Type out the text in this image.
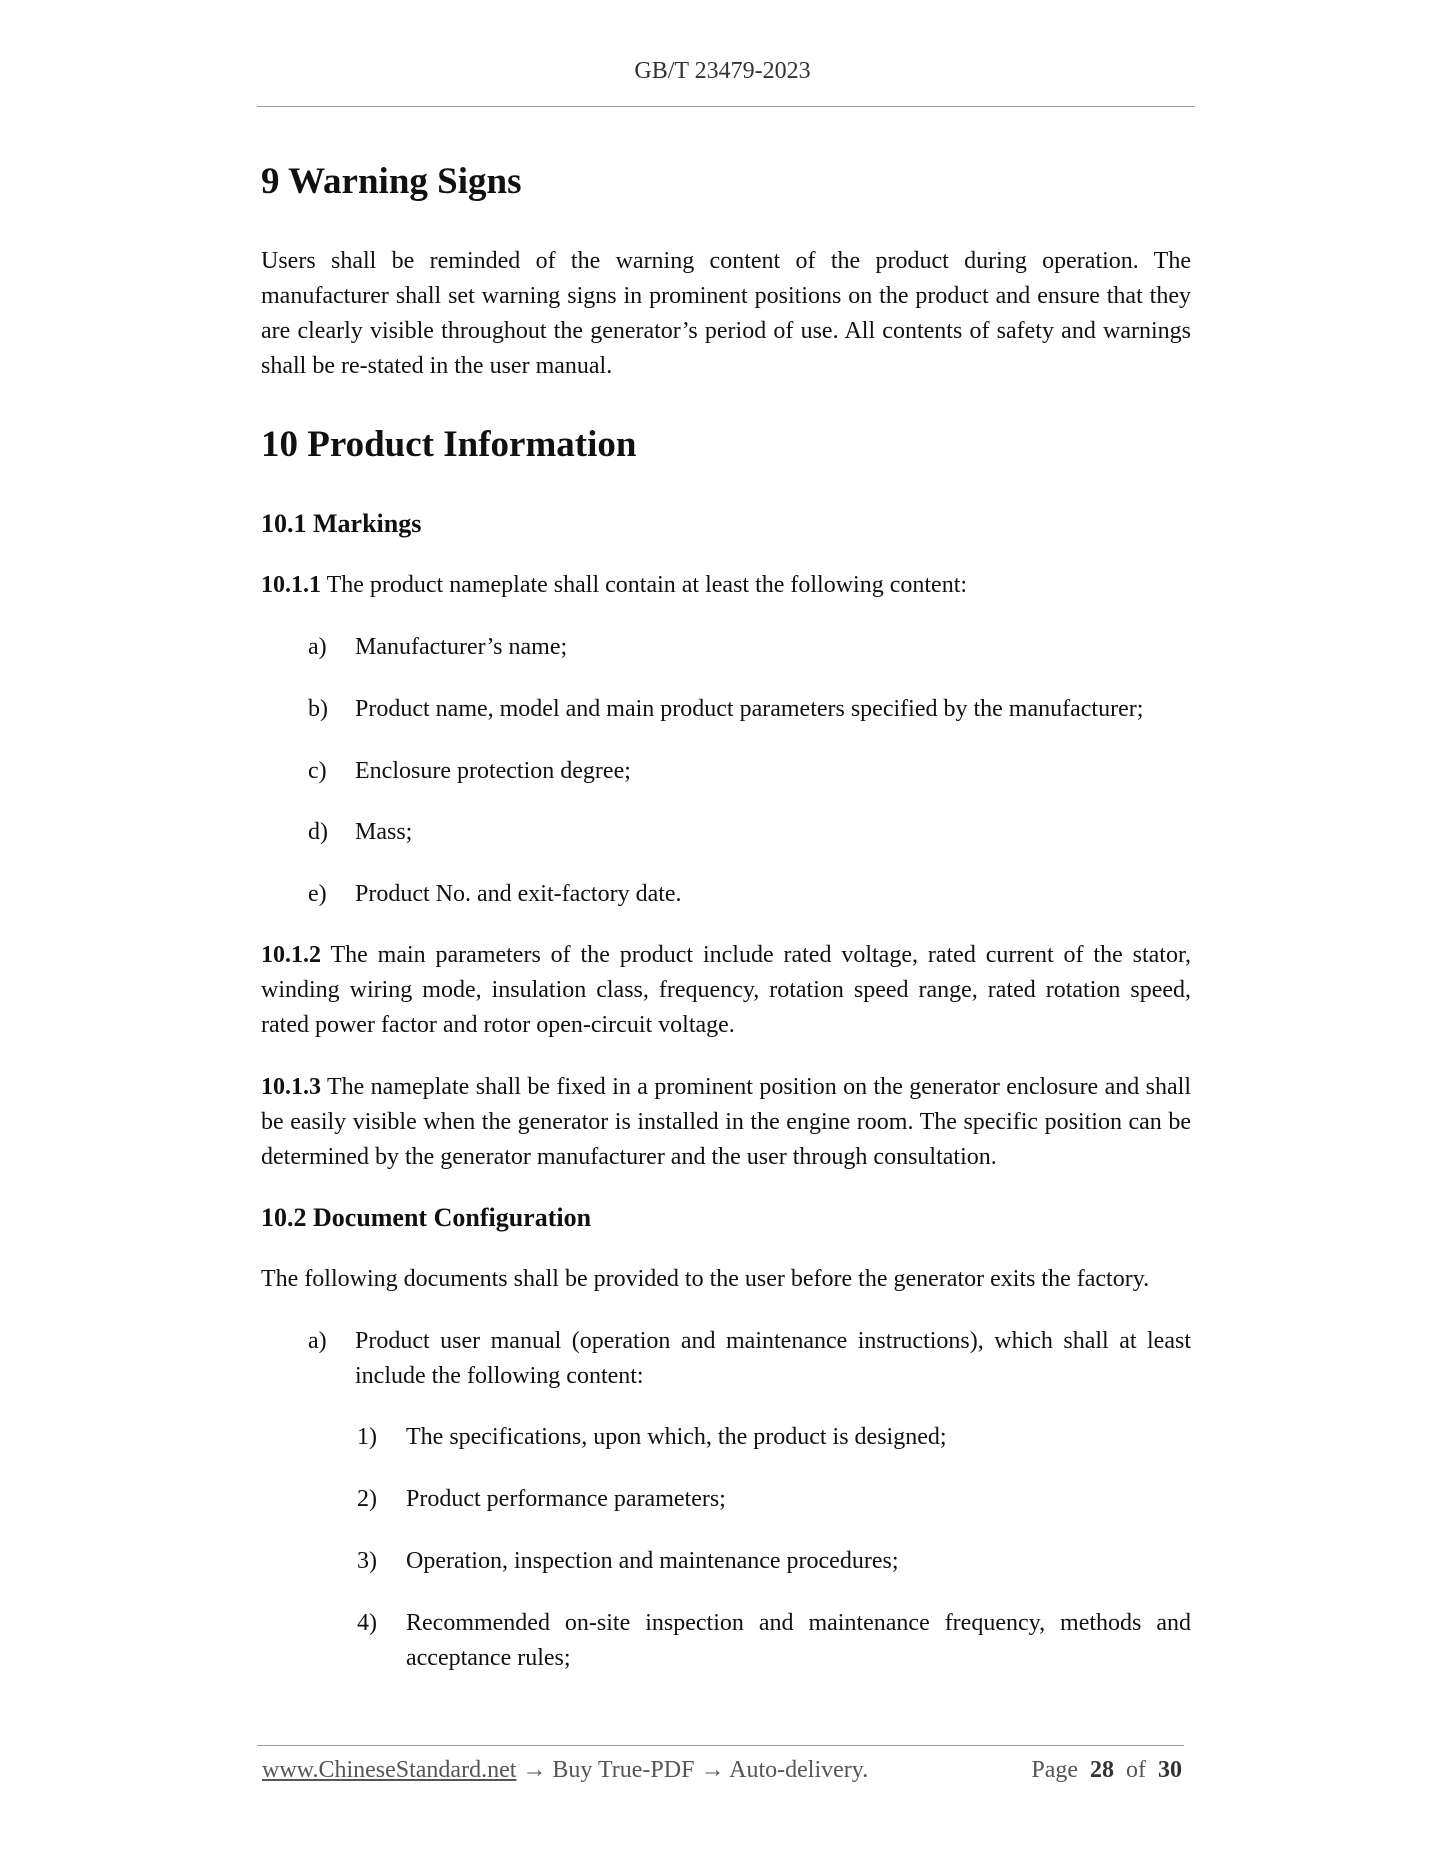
GB/T 23479-2023
9 Warning Signs
Users shall be reminded of the warning content of the product during operation. The manufacturer shall set warning signs in prominent positions on the product and ensure that they are clearly visible throughout the generator’s period of use. All contents of safety and warnings shall be re-stated in the user manual.
10 Product Information
10.1 Markings
10.1.1 The product nameplate shall contain at least the following content:
a) Manufacturer’s name;
b) Product name, model and main product parameters specified by the manufacturer;
c) Enclosure protection degree;
d) Mass;
e) Product No. and exit-factory date.
10.1.2 The main parameters of the product include rated voltage, rated current of the stator, winding wiring mode, insulation class, frequency, rotation speed range, rated rotation speed, rated power factor and rotor open-circuit voltage.
10.1.3 The nameplate shall be fixed in a prominent position on the generator enclosure and shall be easily visible when the generator is installed in the engine room. The specific position can be determined by the generator manufacturer and the user through consultation.
10.2 Document Configuration
The following documents shall be provided to the user before the generator exits the factory.
a) Product user manual (operation and maintenance instructions), which shall at least include the following content:
1) The specifications, upon which, the product is designed;
2) Product performance parameters;
3) Operation, inspection and maintenance procedures;
4) Recommended on-site inspection and maintenance frequency, methods and acceptance rules;
www.ChineseStandard.net → Buy True-PDF → Auto-delivery.	Page 28 of 30
